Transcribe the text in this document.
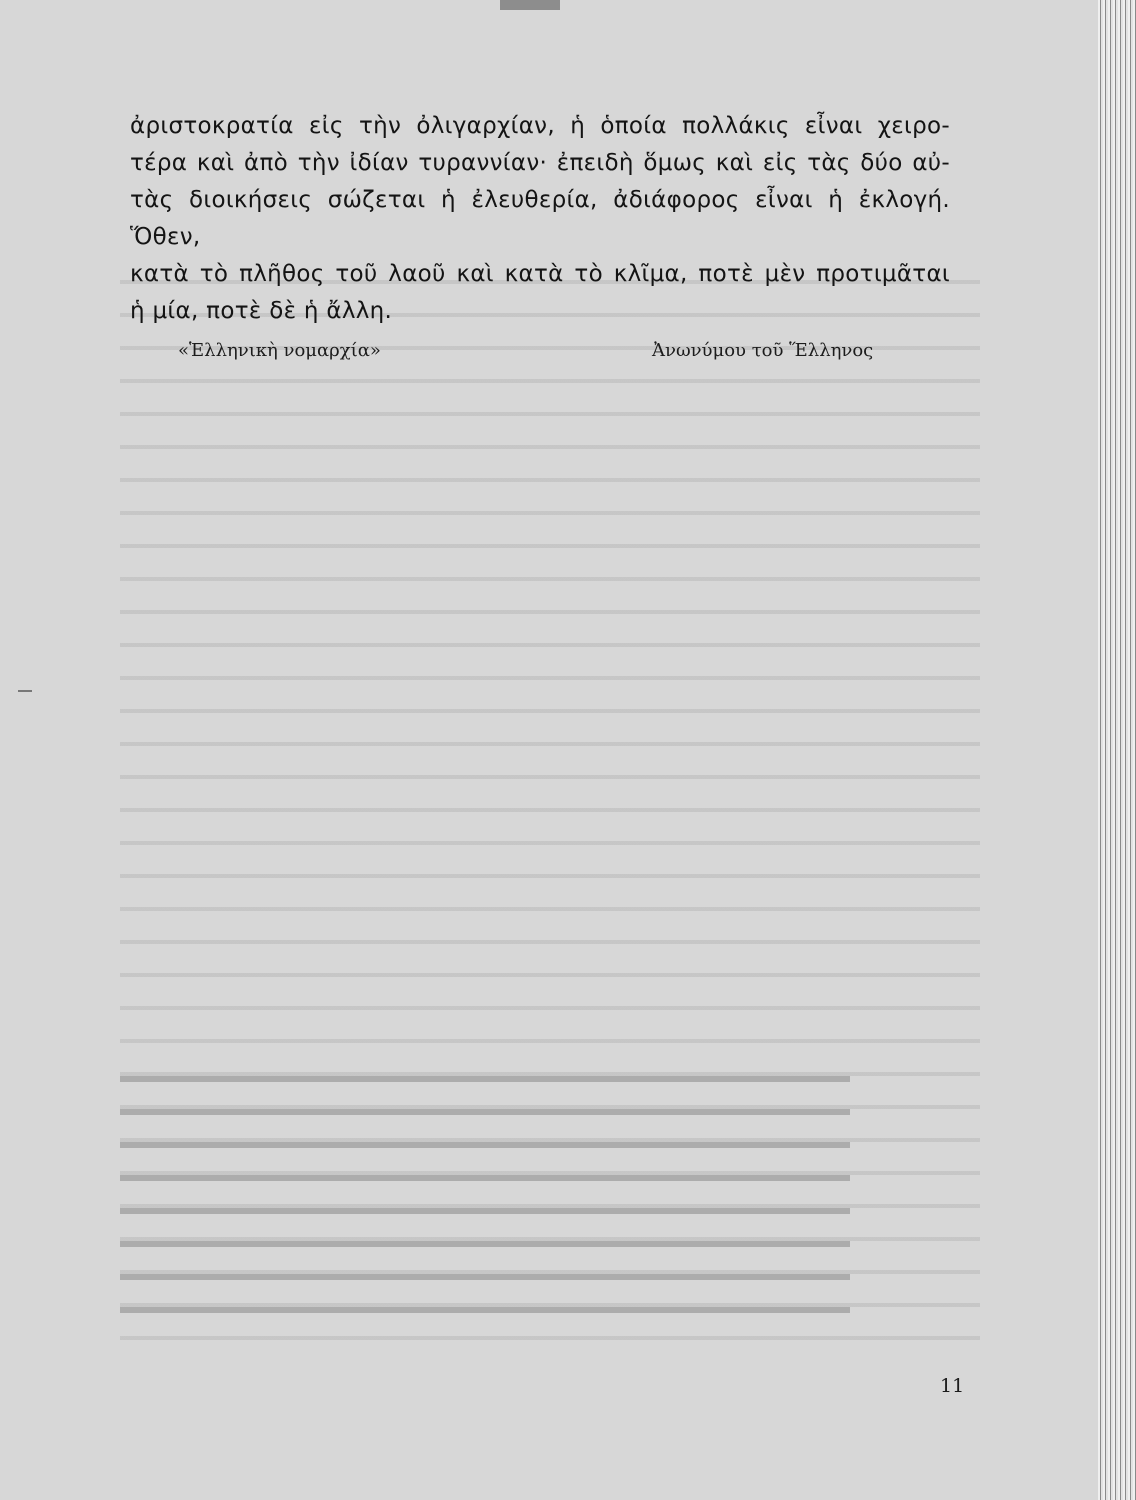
ἀριστοκρατία εἰς τὴν ὀλιγαρχίαν, ἡ ὁποία πολλάκις εἶναι χειρο-
τέρα καὶ ἀπὸ τὴν ἰδίαν τυραννίαν· ἐπειδὴ ὅμως καὶ εἰς τὰς δύο αὐ-
τὰς διοικήσεις σώζεται ἡ ἐλευθερία, ἀδιάφορος εἶναι ἡ ἐκλογή. Ὅθεν,
κατὰ τὸ πλῆθος τοῦ λαοῦ καὶ κατὰ τὸ κλῖμα, ποτὲ μὲν προτιμᾶται
ἡ μία, ποτὲ δὲ ἡ ἄλλη.

«Ἑλληνικὴ νομαρχία»	Ἀνωνύμου τοῦ Ἕλληνος

11
